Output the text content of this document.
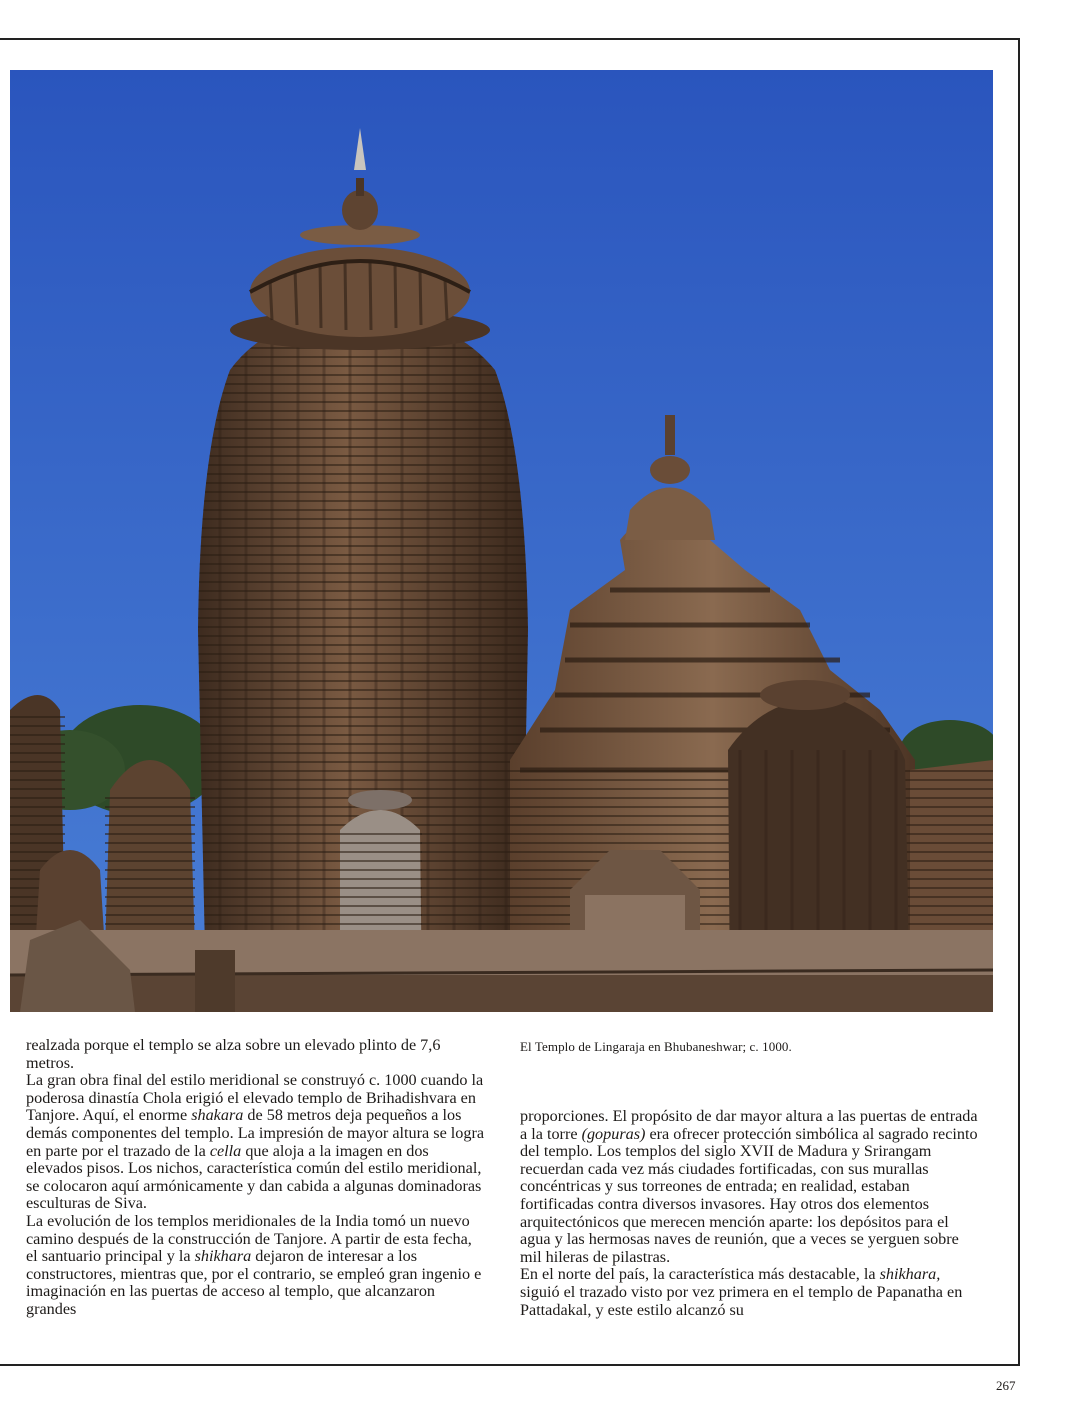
realzada porque el templo se alza sobre un elevado plinto de 7,6 metros.

La gran obra final del estilo meridional se construyó c. 1000 cuando la poderosa dinastía Chola erigió el elevado templo de Brihadishvara en Tanjore. Aquí, el enorme shakara de 58 metros deja pequeños a los demás componentes del templo. La impresión de mayor altura se logra en parte por el trazado de la cella que aloja a la imagen en dos elevados pisos. Los nichos, característica común del estilo meridional, se colocaron aquí armónicamente y dan cabida a algunas dominadoras esculturas de Siva.

La evolución de los templos meridionales de la India tomó un nuevo camino después de la construcción de Tanjore. A partir de esta fecha, el santuario principal y la shikhara dejaron de interesar a los constructores, mientras que, por el contrario, se empleó gran ingenio e imaginación en las puertas de acceso al templo, que alcanzaron grandes

El Templo de Lingaraja en Bhubaneshwar; c. 1000.

proporciones. El propósito de dar mayor altura a las puertas de entrada a la torre (gopuras) era ofrecer protección simbólica al sagrado recinto del templo. Los templos del siglo XVII de Madura y Srirangam recuerdan cada vez más ciudades fortificadas, con sus murallas concéntricas y sus torreones de entrada; en realidad, estaban fortificadas contra diversos invasores. Hay otros dos elementos arquitectónicos que merecen mención aparte: los depósitos para el agua y las hermosas naves de reunión, que a veces se yerguen sobre mil hileras de pilastras.

En el norte del país, la característica más destacable, la shikhara, siguió el trazado visto por vez primera en el templo de Papanatha en Pattadakal, y este estilo alcanzó su

267
